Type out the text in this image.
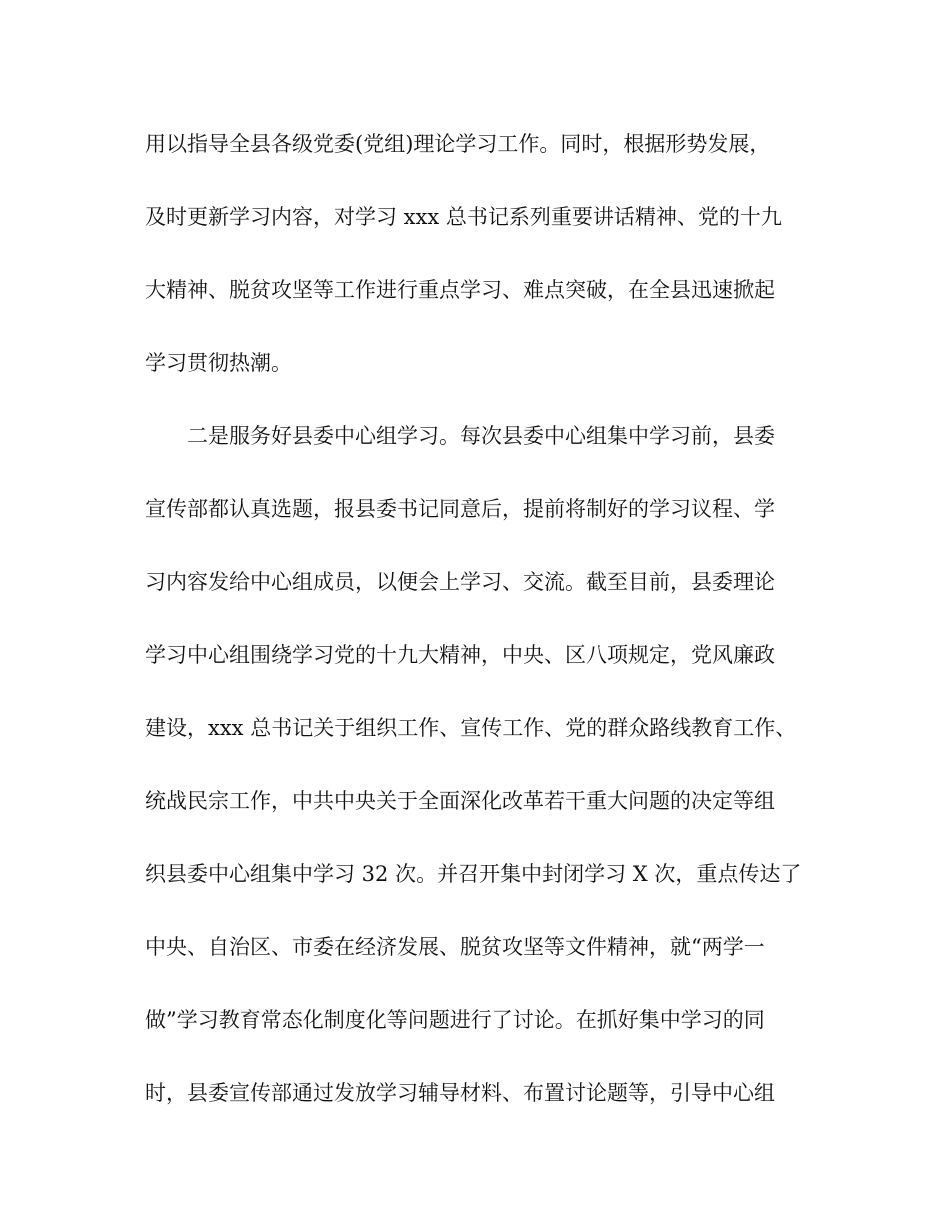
用以指导全县各级党委(党组)理论学习工作。同时，根据形势发展，
及时更新学习内容，对学习 xxx 总书记系列重要讲话精神、党的十九
大精神、脱贫攻坚等工作进行重点学习、难点突破，在全县迅速掀起
学习贯彻热潮。
二是服务好县委中心组学习。每次县委中心组集中学习前，县委
宣传部都认真选题，报县委书记同意后，提前将制好的学习议程、学
习内容发给中心组成员，以便会上学习、交流。截至目前，县委理论
学习中心组围绕学习党的十九大精神，中央、区八项规定，党风廉政
建设，xxx 总书记关于组织工作、宣传工作、党的群众路线教育工作、
统战民宗工作，中共中央关于全面深化改革若干重大问题的决定等组
织县委中心组集中学习 32 次。并召开集中封闭学习 X 次，重点传达了
中央、自治区、市委在经济发展、脱贫攻坚等文件精神，就“两学一
做”学习教育常态化制度化等问题进行了讨论。在抓好集中学习的同
时，县委宣传部通过发放学习辅导材料、布置讨论题等，引导中心组
